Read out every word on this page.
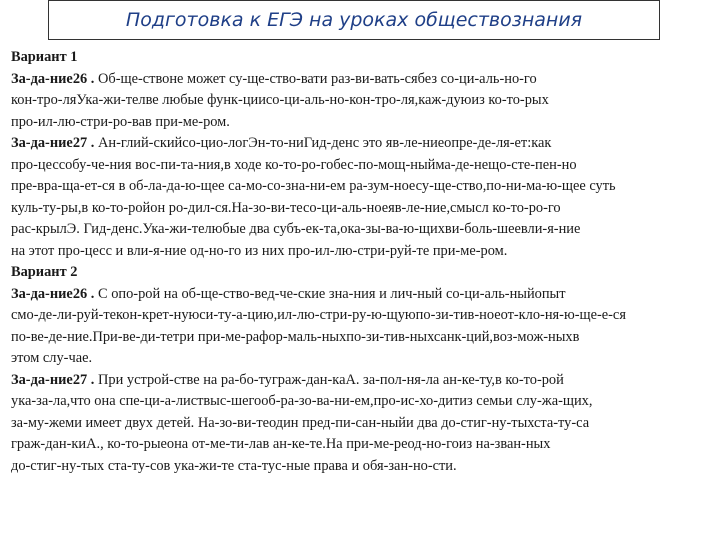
Подготовка к ЕГЭ на уроках обществознания
Вариант 1
За-да-ние26 . Об-ще-ствоне может су-ще-ство-вати раз-ви-вать-сябез со-ци-аль-но-го
кон-тро-ляУка-жи-телве любые функ-циисо-ци-аль-но-кон-тро-ля,каж-дуюиз ко-то-рых
про-ил-лю-стри-ро-вав при-ме-ром.
За-да-ние27 . Ан-глий-скийсо-цио-логЭн-то-ниГид-денс это яв-ле-ниеопре-де-ля-ет:как
про-цессобу-че-ния вос-пи-та-ния,в ходе ко-то-ро-гобес-по-мощ-ныйма-де-нещо-сте-пен-но
пре-вра-ща-ет-ся в об-ла-да-ю-щее са-мо-со-зна-ни-ем ра-зум-ноесу-ще-ство,по-ни-ма-ю-щее суть
куль-ту-ры,в ко-то-ройон ро-дил-ся.На-зо-ви-тесо-ци-аль-ноеяв-ле-ние,смысл ко-то-ро-го
рас-крылЭ. Гид-денс.Ука-жи-телюбые два субъ-ек-та,ока-зы-ва-ю-щихви-боль-шеевли-я-ние
на этот про-цесс и вли-я-ние од-но-го из них про-ил-лю-стри-руй-те при-ме-ром.
Вариант 2
За-да-ние26 . С опо-рой на об-ще-ство-вед-че-ские зна-ния и лич-ный со-ци-аль-ныйопыт
смо-де-ли-руй-текон-крет-нуюси-ту-а-цию,ил-лю-стри-ру-ю-щуюпо-зи-тив-ноеот-кло-ня-ю-ще-е-ся
по-ве-де-ние.При-ве-ди-тетри при-ме-рафор-маль-ныхпо-зи-тив-ныхсанк-ций,воз-мож-ныхв
этом слу-чае.
За-да-ние27 . При устрой-стве на ра-бо-туграж-дан-каА. за-пол-ня-ла ан-ке-ту,в ко-то-рой
ука-за-ла,что она спе-ци-а-листвыс-шегооб-ра-зо-ва-ни-ем,про-ис-хо-дитиз семьи слу-жа-щих,
за-му-жеми имеет двух детей. На-зо-ви-теодин пред-пи-сан-ныйи два до-стиг-ну-тыхста-ту-са
граж-дан-киА., ко-то-рыеона от-ме-ти-лав ан-ке-те.На при-ме-реод-но-гоиз на-зван-ных
до-стиг-ну-тых ста-ту-сов ука-жи-те ста-тус-ные права и обя-зан-но-сти.
